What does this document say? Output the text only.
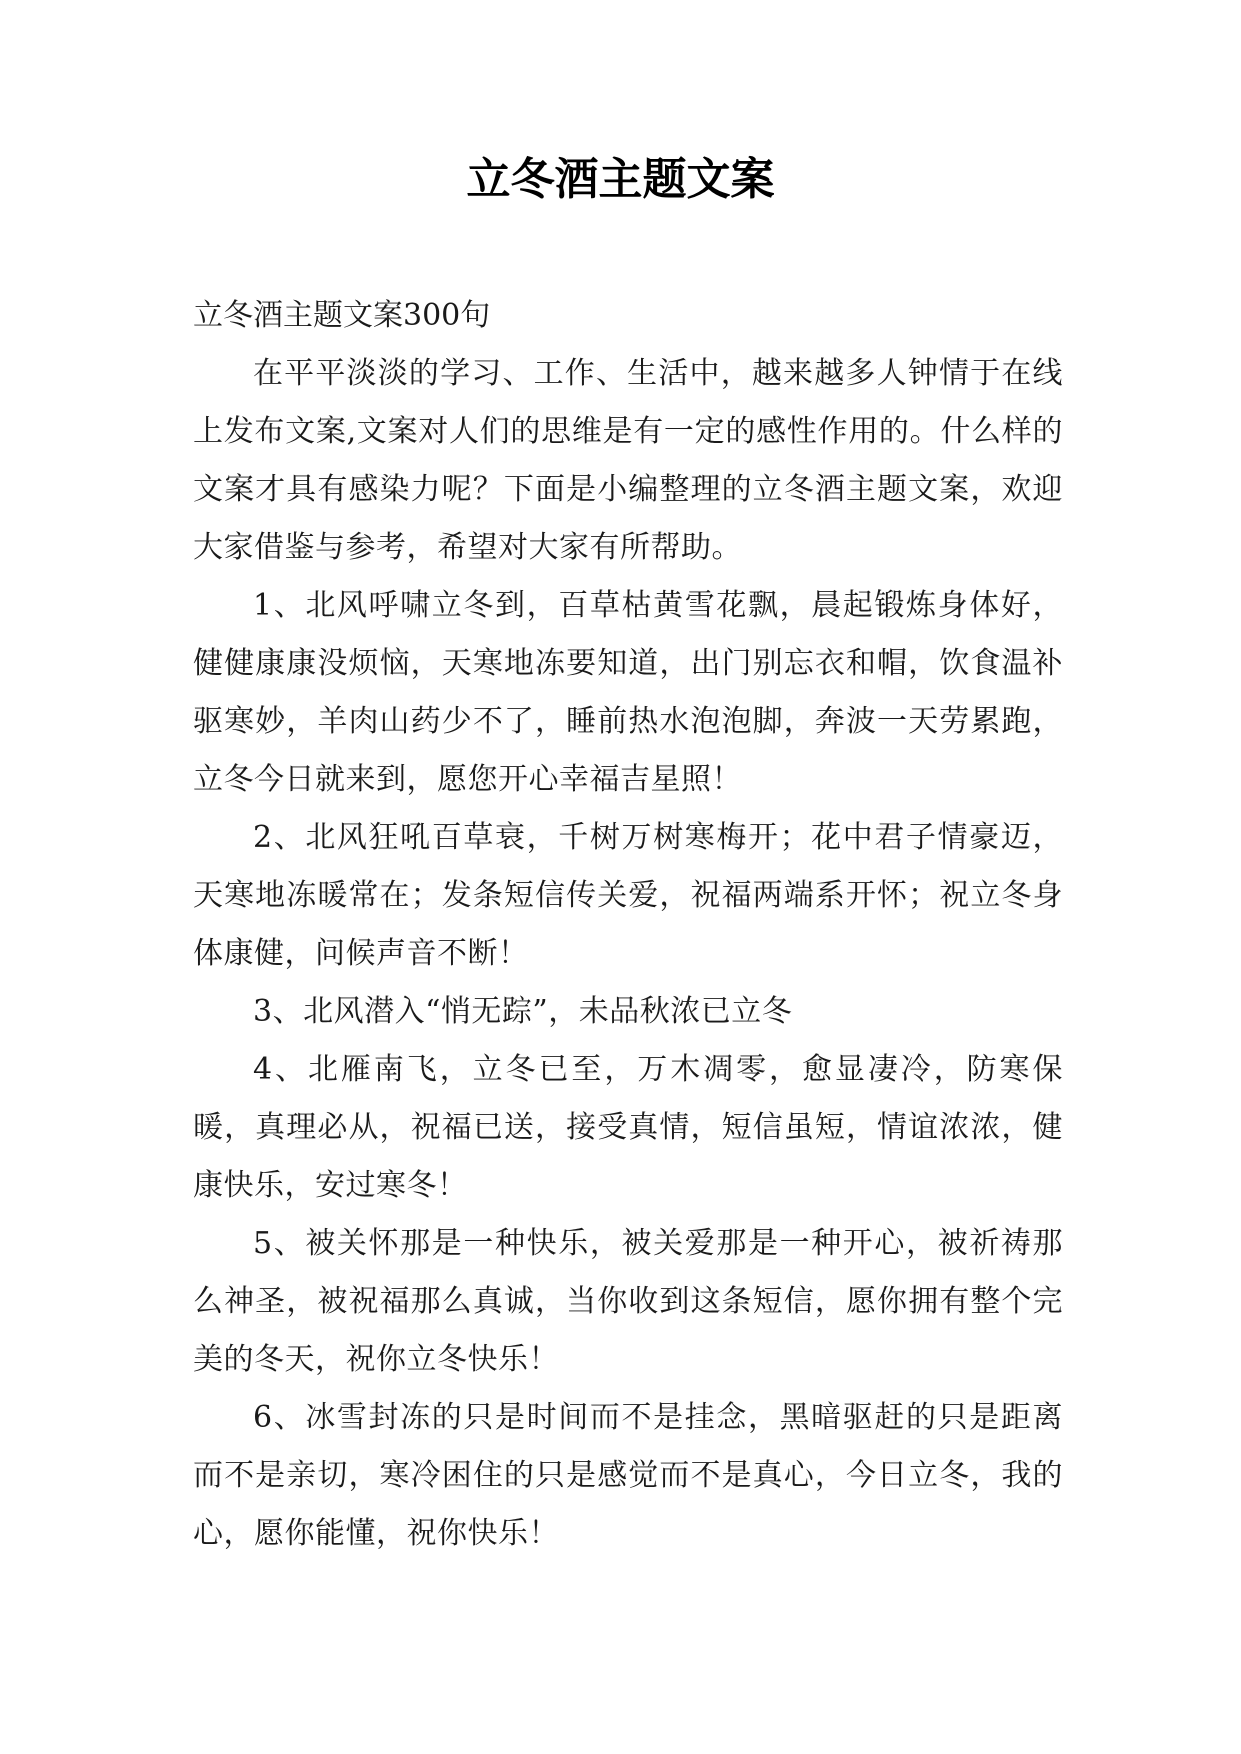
立冬酒主题文案

立冬酒主题文案300句

在平平淡淡的学习、工作、生活中，越来越多人钟情于在线上发布文案,文案对人们的思维是有一定的感性作用的。什么样的文案才具有感染力呢？下面是小编整理的立冬酒主题文案，欢迎大家借鉴与参考，希望对大家有所帮助。

1、北风呼啸立冬到，百草枯黄雪花飘，晨起锻炼身体好，健健康康没烦恼，天寒地冻要知道，出门别忘衣和帽，饮食温补驱寒妙，羊肉山药少不了，睡前热水泡泡脚，奔波一天劳累跑，立冬今日就来到，愿您开心幸福吉星照！

2、北风狂吼百草衰，千树万树寒梅开；花中君子情豪迈，天寒地冻暖常在；发条短信传关爱，祝福两端系开怀；祝立冬身体康健，问候声音不断！

3、北风潜入“悄无踪”，未品秋浓已立冬

4、北雁南飞，立冬已至，万木凋零，愈显凄冷，防寒保暖，真理必从，祝福已送，接受真情，短信虽短，情谊浓浓，健康快乐，安过寒冬！

5、被关怀那是一种快乐，被关爱那是一种开心，被祈祷那么神圣，被祝福那么真诚，当你收到这条短信，愿你拥有整个完美的冬天，祝你立冬快乐！

6、冰雪封冻的只是时间而不是挂念，黑暗驱赶的只是距离而不是亲切，寒冷困住的只是感觉而不是真心，今日立冬，我的心，愿你能懂，祝你快乐！
